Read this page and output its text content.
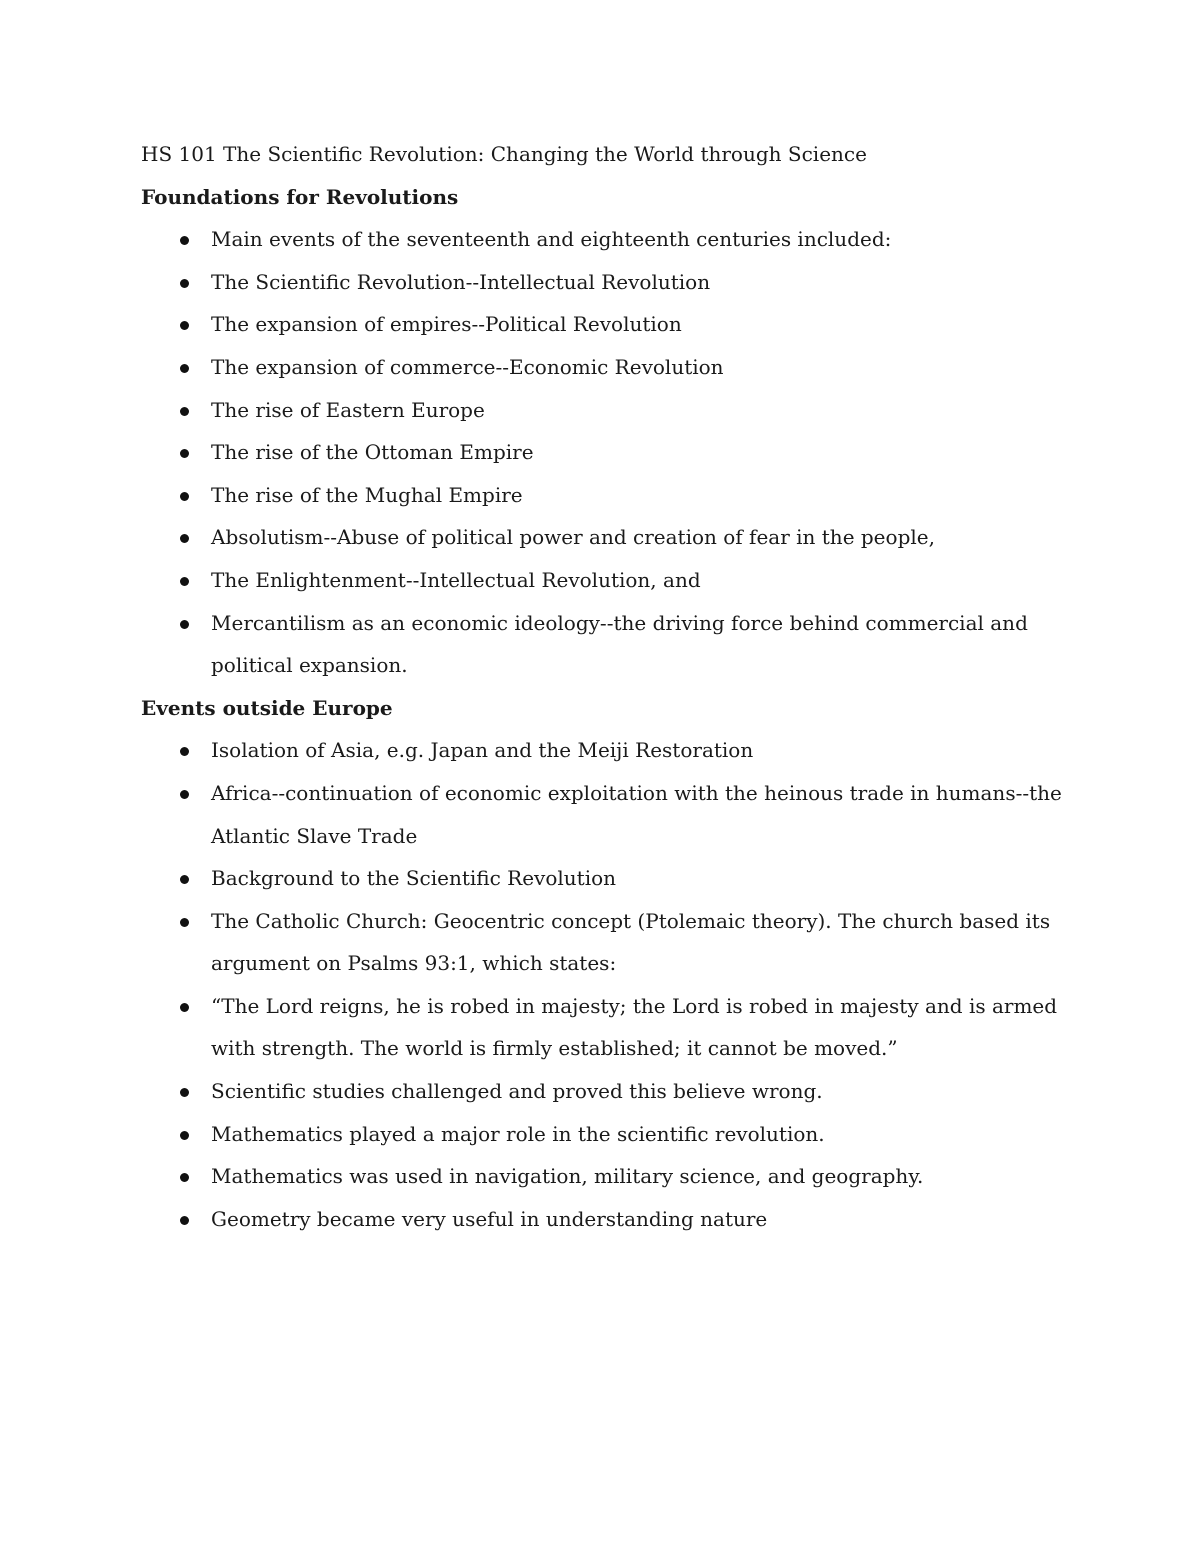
HS 101 The Scientific Revolution: Changing the World through Science
Foundations for Revolutions
Main events of the seventeenth and eighteenth centuries included:
The Scientific Revolution--Intellectual Revolution
The expansion of empires--Political Revolution
The expansion of commerce--Economic Revolution
The rise of Eastern Europe
The rise of the Ottoman Empire
The rise of the Mughal Empire
Absolutism--Abuse of political power and creation of fear in the people,
The Enlightenment--Intellectual Revolution, and
Mercantilism as an economic ideology--the driving force behind commercial and political expansion.
Events outside Europe
Isolation of Asia, e.g. Japan and the Meiji Restoration
Africa--continuation of economic exploitation with the heinous trade in humans--the Atlantic Slave Trade
Background to the Scientific Revolution
The Catholic Church: Geocentric concept (Ptolemaic theory). The church based its argument on Psalms 93:1, which states:
“The Lord reigns, he is robed in majesty; the Lord is robed in majesty and is armed with strength. The world is firmly established; it cannot be moved.”
Scientific studies challenged and proved this believe wrong.
Mathematics played a major role in the scientific revolution.
Mathematics was used in navigation, military science, and geography.
Geometry became very useful in understanding nature
